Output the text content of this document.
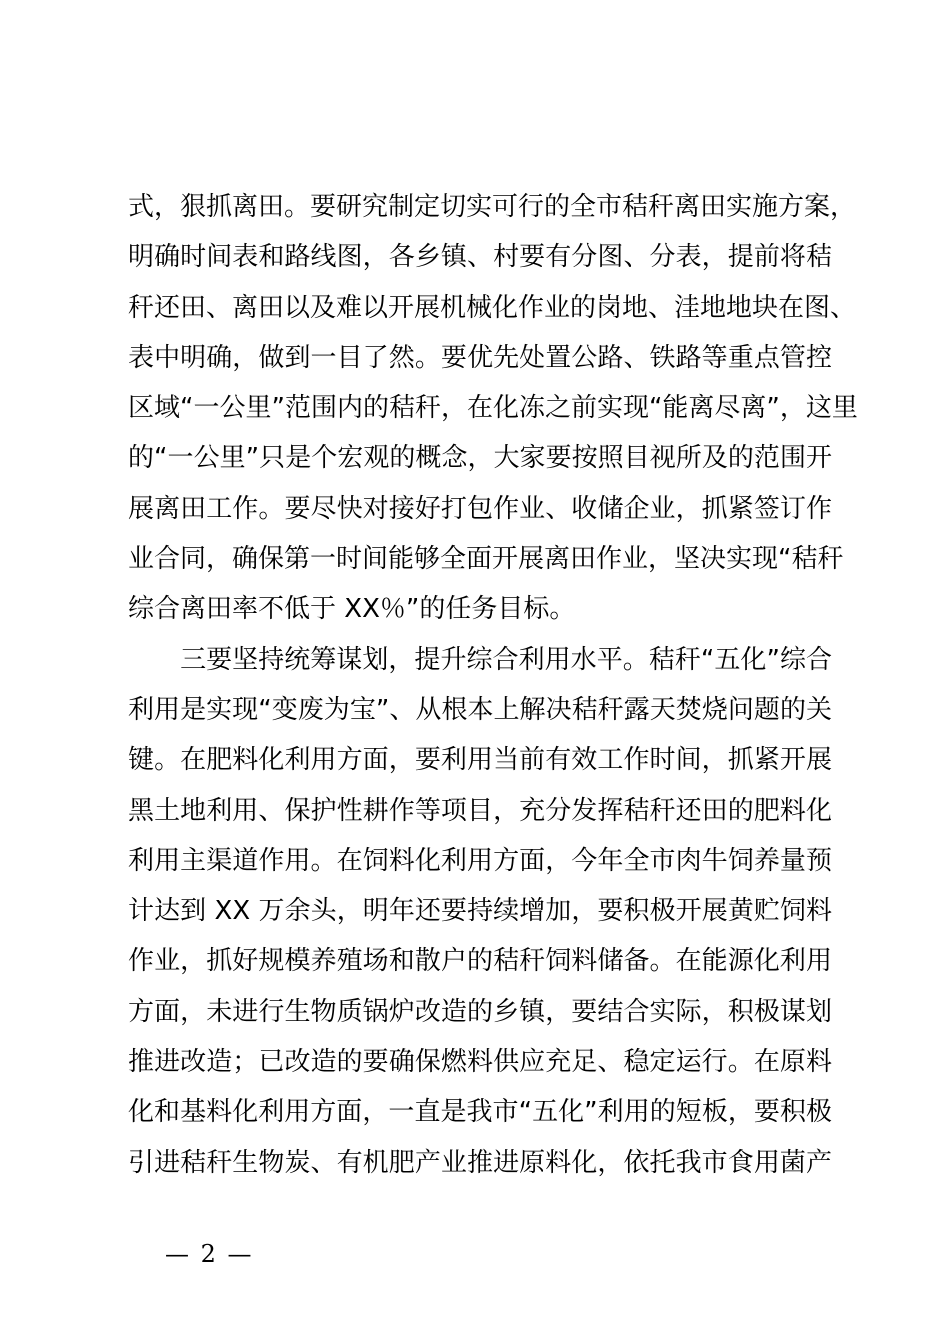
式，狠抓离田。要研究制定切实可行的全市秸秆离田实施方案，
明确时间表和路线图，各乡镇、村要有分图、分表，提前将秸
秆还田、离田以及难以开展机械化作业的岗地、洼地地块在图、
表中明确，做到一目了然。要优先处置公路、铁路等重点管控
区域“一公里”范围内的秸秆，在化冻之前实现“能离尽离”，这里
的“一公里”只是个宏观的概念，大家要按照目视所及的范围开
展离田工作。要尽快对接好打包作业、收储企业，抓紧签订作
业合同，确保第一时间能够全面开展离田作业，坚决实现“秸秆
综合离田率不低于 XX％”的任务目标。
　　三要坚持统筹谋划，提升综合利用水平。秸秆“五化”综合
利用是实现“变废为宝”、从根本上解决秸秆露天焚烧问题的关
键。在肥料化利用方面，要利用当前有效工作时间，抓紧开展
黑土地利用、保护性耕作等项目，充分发挥秸秆还田的肥料化
利用主渠道作用。在饲料化利用方面，今年全市肉牛饲养量预
计达到 XX 万余头，明年还要持续增加，要积极开展黄贮饲料
作业，抓好规模养殖场和散户的秸秆饲料储备。在能源化利用
方面，未进行生物质锅炉改造的乡镇，要结合实际，积极谋划
推进改造；已改造的要确保燃料供应充足、稳定运行。在原料
化和基料化利用方面，一直是我市“五化”利用的短板，要积极
引进秸秆生物炭、有机肥产业推进原料化，依托我市食用菌产
— 2 —
